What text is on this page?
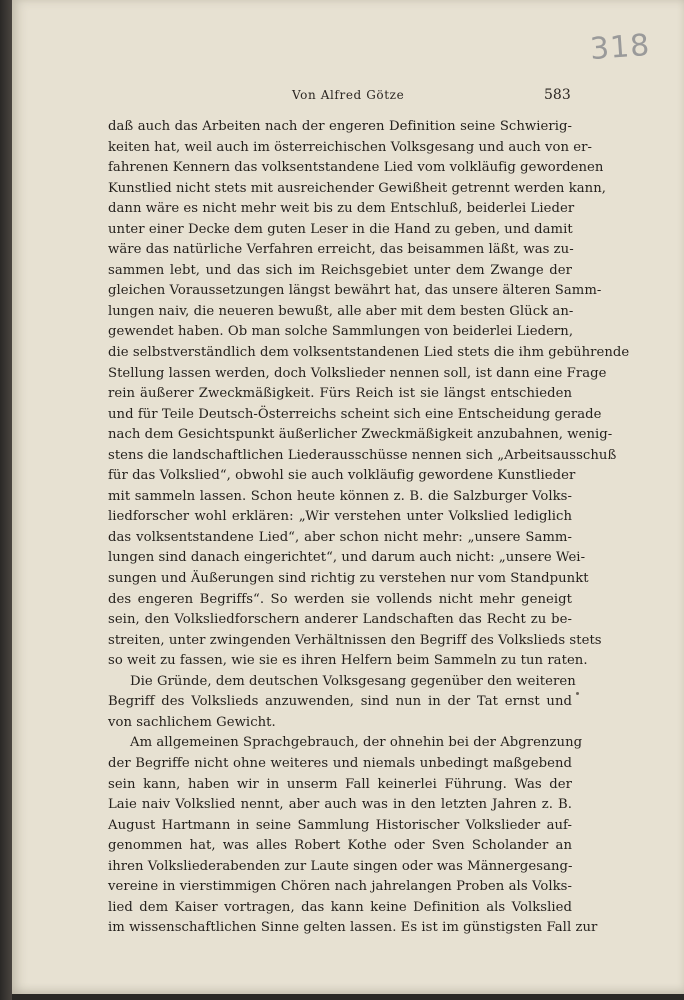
318
Von Alfred Götze	583
daß auch das Arbeiten nach der engeren Definition seine Schwierig-
keiten hat, weil auch im österreichischen Volksgesang und auch von er-
fahrenen Kennern das volksentstandene Lied vom volkläufig gewordenen
Kunstlied nicht stets mit ausreichender Gewißheit getrennt werden kann,
dann wäre es nicht mehr weit bis zu dem Entschluß, beiderlei Lieder
unter einer Decke dem guten Leser in die Hand zu geben, und damit
wäre das natürliche Verfahren erreicht, das beisammen läßt, was zu-
sammen lebt, und das sich im Reichsgebiet unter dem Zwange der
gleichen Voraussetzungen längst bewährt hat, das unsere älteren Samm-
lungen naiv, die neueren bewußt, alle aber mit dem besten Glück an-
gewendet haben. Ob man solche Sammlungen von beiderlei Liedern,
die selbstverständlich dem volksentstandenen Lied stets die ihm gebührende
Stellung lassen werden, doch Volkslieder nennen soll, ist dann eine Frage
rein äußerer Zweckmäßigkeit. Fürs Reich ist sie längst entschieden
und für Teile Deutsch-Österreichs scheint sich eine Entscheidung gerade
nach dem Gesichtspunkt äußerlicher Zweckmäßigkeit anzubahnen, wenig-
stens die landschaftlichen Liederausschüsse nennen sich „Arbeitsausschuß
für das Volkslied“, obwohl sie auch volkläufig gewordene Kunstlieder
mit sammeln lassen. Schon heute können z. B. die Salzburger Volks-
liedforscher wohl erklären: „Wir verstehen unter Volkslied lediglich
das volksentstandene Lied“, aber schon nicht mehr: „unsere Samm-
lungen sind danach eingerichtet“, und darum auch nicht: „unsere Wei-
sungen und Äußerungen sind richtig zu verstehen nur vom Standpunkt
des engeren Begriffs“. So werden sie vollends nicht mehr geneigt
sein, den Volksliedforschern anderer Landschaften das Recht zu be-
streiten, unter zwingenden Verhältnissen den Begriff des Volkslieds stets
so weit zu fassen, wie sie es ihren Helfern beim Sammeln zu tun raten.
Die Gründe, dem deutschen Volksgesang gegenüber den weiteren
Begriff des Volkslieds anzuwenden, sind nun in der Tat ernst und
von sachlichem Gewicht.
Am allgemeinen Sprachgebrauch, der ohnehin bei der Abgrenzung
der Begriffe nicht ohne weiteres und niemals unbedingt maßgebend
sein kann, haben wir in unserm Fall keinerlei Führung. Was der
Laie naiv Volkslied nennt, aber auch was in den letzten Jahren z. B.
August Hartmann in seine Sammlung Historischer Volkslieder auf-
genommen hat, was alles Robert Kothe oder Sven Scholander an
ihren Volksliederabenden zur Laute singen oder was Männergesang-
vereine in vierstimmigen Chören nach jahrelangen Proben als Volks-
lied dem Kaiser vortragen, das kann keine Definition als Volkslied
im wissenschaftlichen Sinne gelten lassen. Es ist im günstigsten Fall zur
